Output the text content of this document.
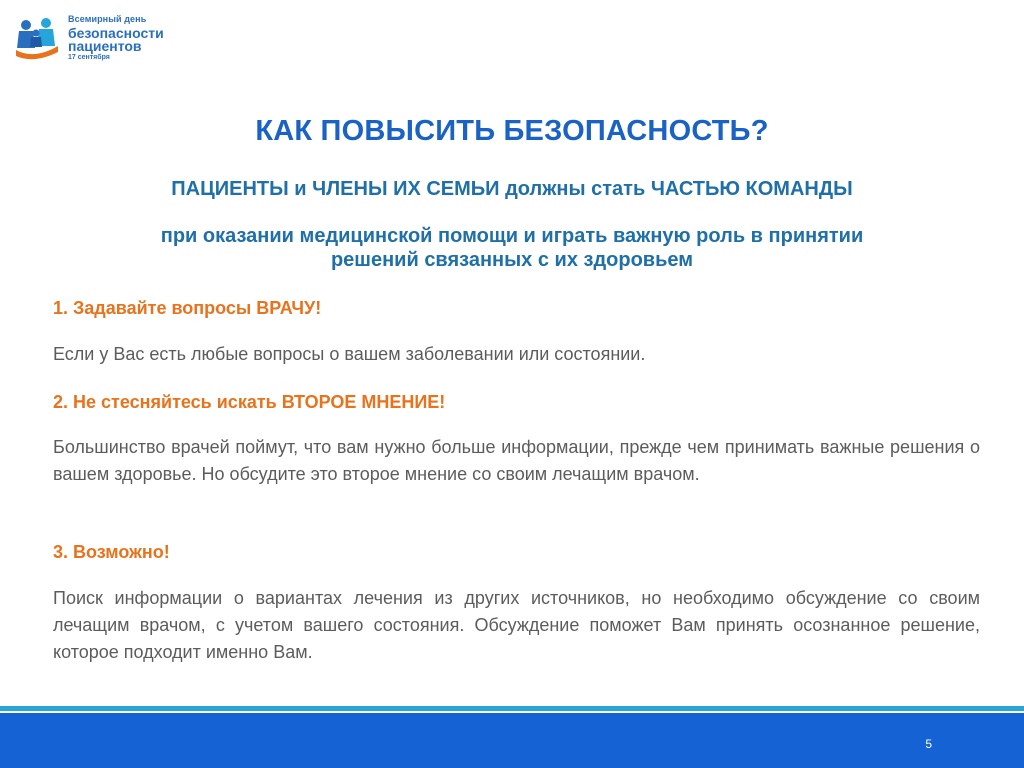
Всемирный день
безопасности
пациентов
17 сентября
КАК ПОВЫСИТЬ БЕЗОПАСНОСТЬ?
ПАЦИЕНТЫ и ЧЛЕНЫ ИХ СЕМЬИ должны стать ЧАСТЬЮ КОМАНДЫ
при оказании медицинской помощи и играть важную роль в принятии
решений связанных с их здоровьем

1. Задавайте вопросы ВРАЧУ!

Если у Вас есть любые вопросы о вашем заболевании или состоянии.

2. Не стесняйтесь искать ВТОРОЕ МНЕНИЕ!

Большинство врачей поймут, что вам нужно больше информации, прежде чем принимать важные решения о вашем здоровье. Но обсудите это второе мнение со своим лечащим врачом.

3. Возможно!

Поиск информации о вариантах лечения из других источников, но необходимо обсуждение со своим лечащим врачом, с учетом вашего состояния. Обсуждение поможет Вам принять осознанное решение, которое подходит именно Вам.

5
